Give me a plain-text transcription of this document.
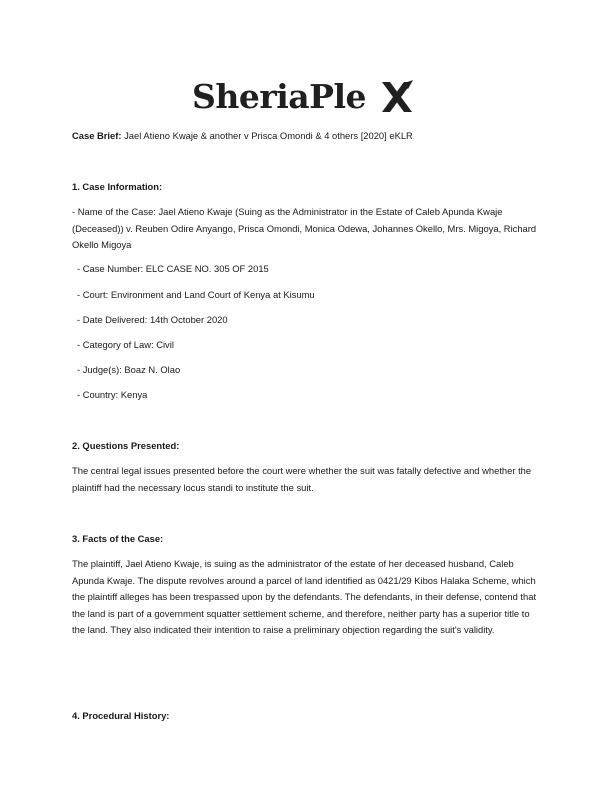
SheriaPle
Case Brief: Jael Atieno Kwaje & another v Prisca Omondi & 4 others [2020] eKLR
1. Case Information:
- Name of the Case: Jael Atieno Kwaje (Suing as the Administrator in the Estate of Caleb Apunda Kwaje (Deceased)) v. Reuben Odire Anyango, Prisca Omondi, Monica Odewa, Johannes Okello, Mrs. Migoya, Richard Okello Migoya
- Case Number: ELC CASE NO. 305 OF 2015
- Court: Environment and Land Court of Kenya at Kisumu
- Date Delivered: 14th October 2020
- Category of Law: Civil
- Judge(s): Boaz N. Olao
- Country: Kenya
2. Questions Presented:
The central legal issues presented before the court were whether the suit was fatally defective and whether the plaintiff had the necessary locus standi to institute the suit.
3. Facts of the Case:
The plaintiff, Jael Atieno Kwaje, is suing as the administrator of the estate of her deceased husband, Caleb Apunda Kwaje. The dispute revolves around a parcel of land identified as 0421/29 Kibos Halaka Scheme, which the plaintiff alleges has been trespassed upon by the defendants. The defendants, in their defense, contend that the land is part of a government squatter settlement scheme, and therefore, neither party has a superior title to the land. They also indicated their intention to raise a preliminary objection regarding the suit's validity.
4. Procedural History:
